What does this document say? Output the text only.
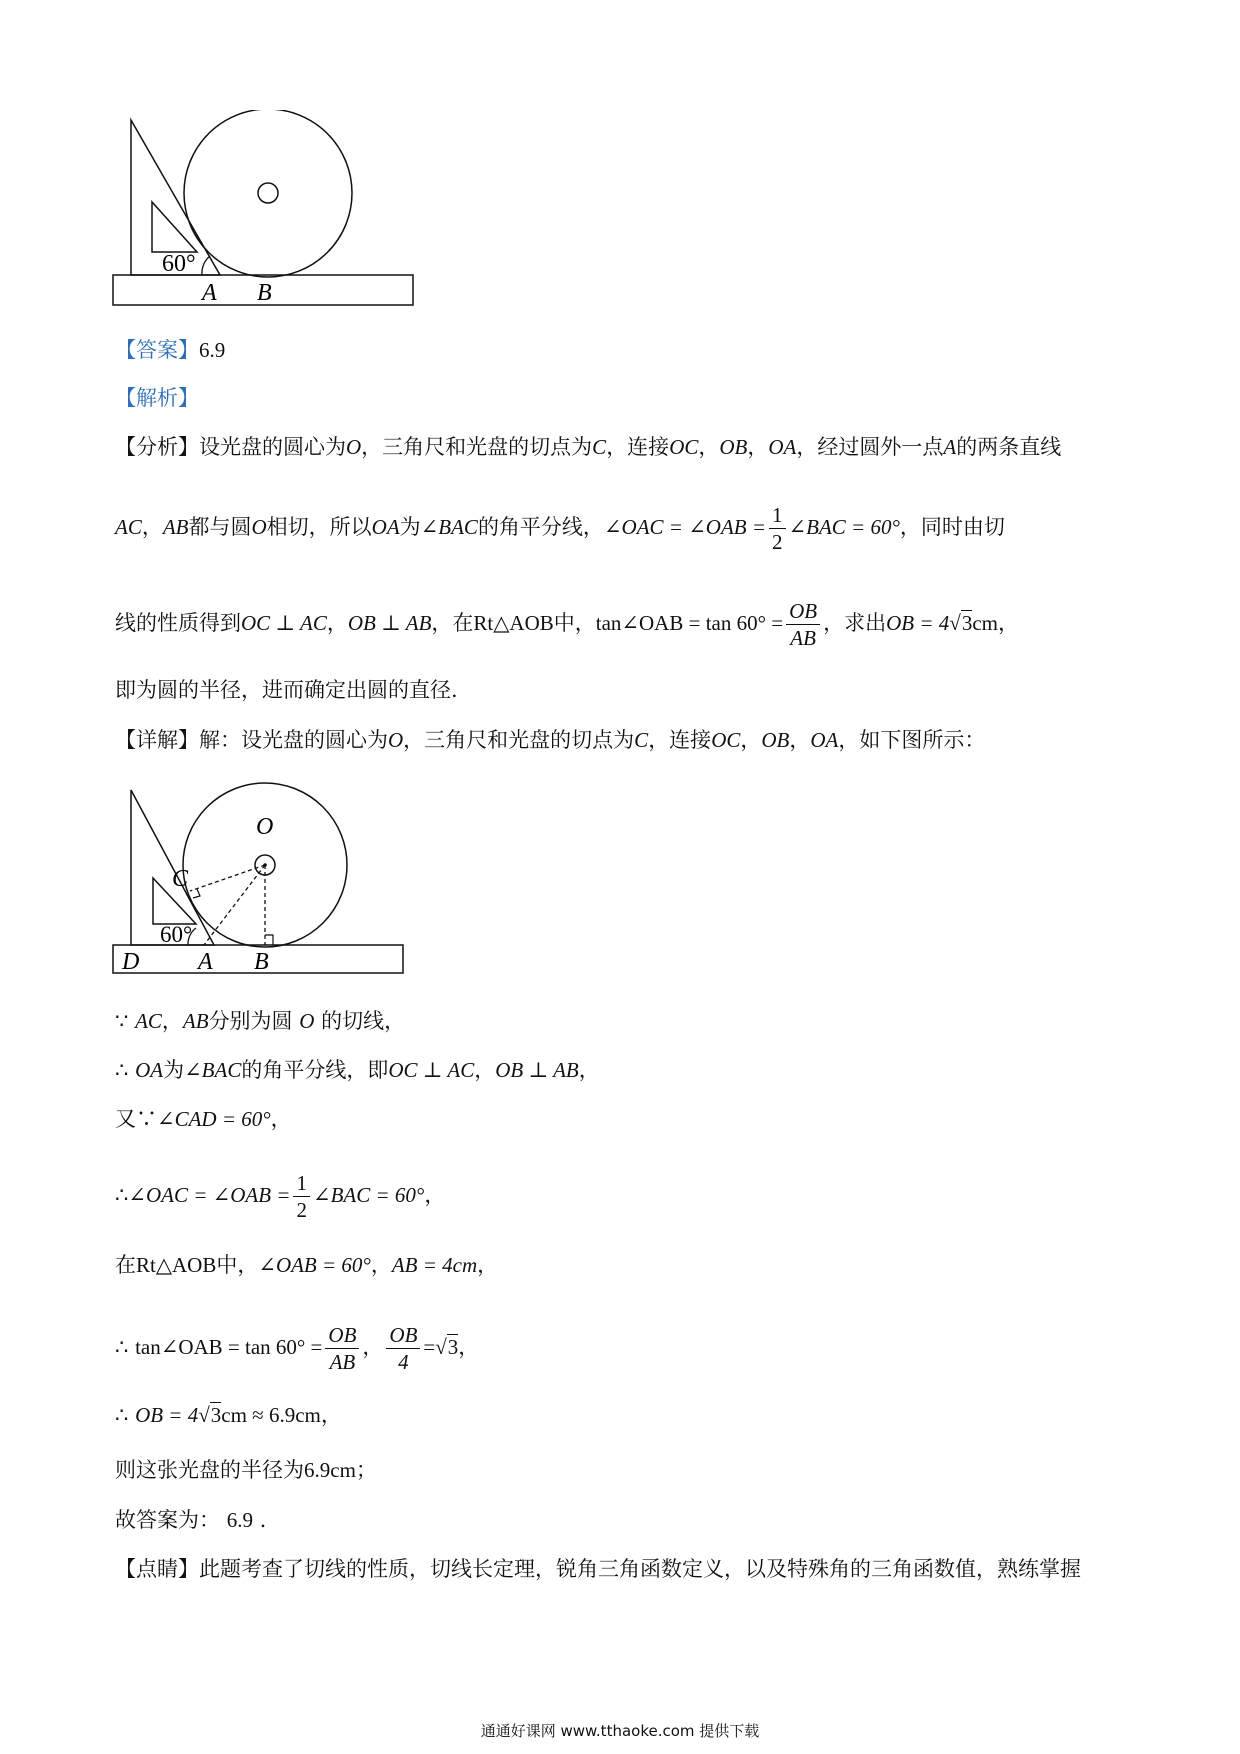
60°
A B
【答案】6.9
【解析】
【分析】设光盘的圆心为O，三角尺和光盘的切点为C，连接OC，OB，OA，经过圆外一点A的两条直线
AC，AB都与圆O相切，所以OA为∠BAC的角平分线，∠OAC = ∠OAB = $\frac{1}{2}$ ∠BAC = 60°，同时由切
线的性质得到OC ⊥ AC，OB ⊥ AB，在Rt△AOB中，tan∠OAB = $\tan 60^\circ = \frac{OB}{AB}$ ，求出OB = 4√3cm，
即为圆的半径，进而确定出圆的直径.
【详解】解：设光盘的圆心为O，三角尺和光盘的切点为C，连接OC，OB，OA，如下图所示：
O
C
60°
D A B
∵ AC，AB分别为圆 O 的切线，
∴ OA为∠BAC的角平分线，即OC ⊥ AC，OB ⊥ AB，
又∵∠CAD = 60°，
∴∠OAC = ∠OAB = $\frac{1}{2}$ ∠BAC = 60°，
在Rt△AOB中，∠OAB = 60°，AB = 4cm，
∴ tan∠OAB = $\tan 60^\circ = \frac{OB}{AB}$ ， $\frac{OB}{4} =√3$，
∴ OB = 4√3cm ≈ 6.9cm，
则这张光盘的半径为6.9cm；
故答案为： 6.9 .
【点睛】此题考查了切线的性质，切线长定理，锐角三角函数定义，以及特殊角的三角函数值，熟练掌握
通通好课网 www.tthaoke.com 提供下载
